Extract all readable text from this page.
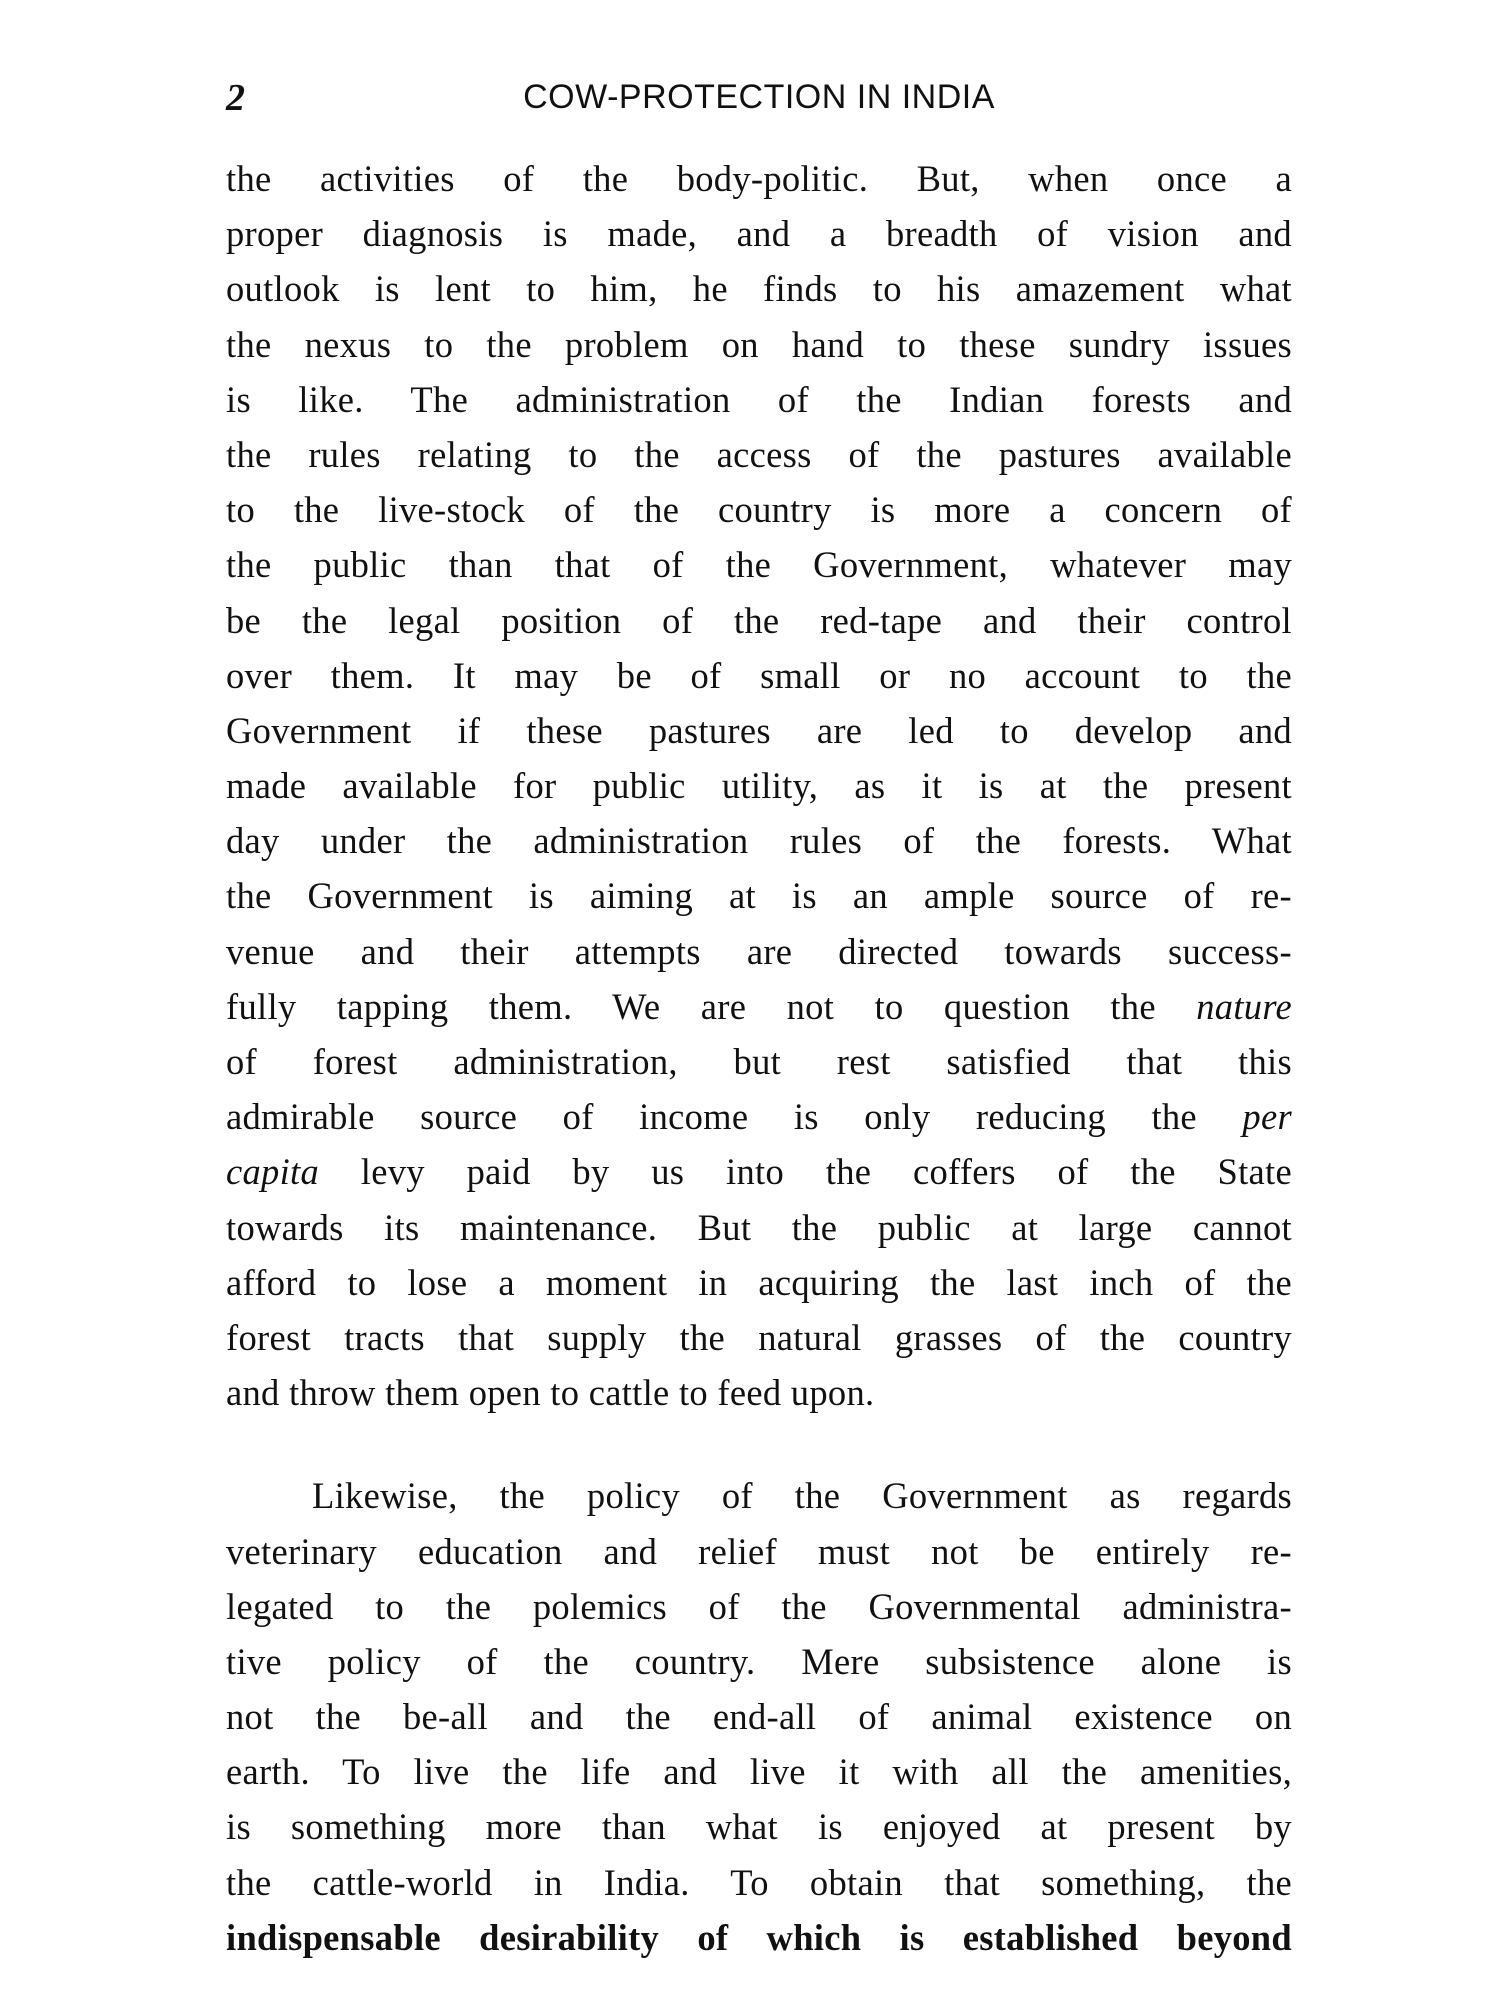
2	COW-PROTECTION IN INDIA
the activities of the body-politic. But, when once a
proper diagnosis is made, and a breadth of vision and
outlook is lent to him, he finds to his amazement what
the nexus to the problem on hand to these sundry issues
is like. The administration of the Indian forests and
the rules relating to the access of the pastures available
to the live-stock of the country is more a concern of
the public than that of the Government, whatever may
be the legal position of the red-tape and their control
over them. It may be of small or no account to the
Government if these pastures are led to develop and
made available for public utility, as it is at the present
day under the administration rules of the forests. What
the Government is aiming at is an ample source of re-
venue and their attempts are directed towards success-
fully tapping them. We are not to question the nature
of forest administration, but rest satisfied that this
admirable source of income is only reducing the per
capita levy paid by us into the coffers of the State
towards its maintenance. But the public at large cannot
afford to lose a moment in acquiring the last inch of the
forest tracts that supply the natural grasses of the country
and throw them open to cattle to feed upon.
Likewise, the policy of the Government as regards
veterinary education and relief must not be entirely re-
legated to the polemics of the Governmental administra-
tive policy of the country. Mere subsistence alone is
not the be-all and the end-all of animal existence on
earth. To live the life and live it with all the amenities,
is something more than what is enjoyed at present by
the cattle-world in India. To obtain that something, the
indispensable desirability of which is established beyond
